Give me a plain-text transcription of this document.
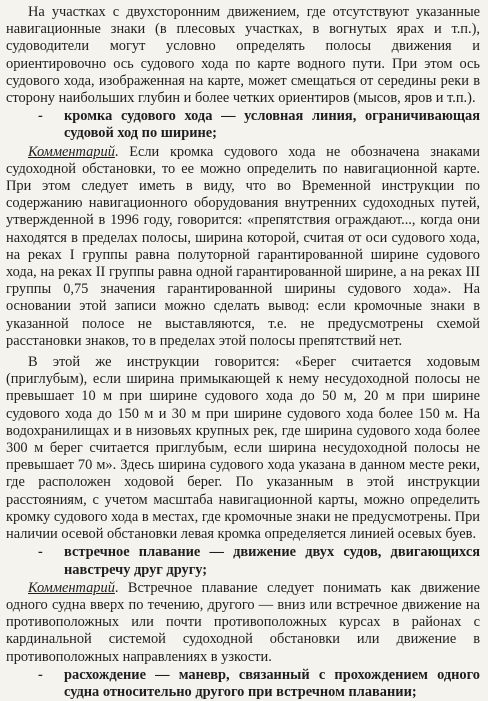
На участках с двухсторонним движением, где отсутствуют указанные навигационные знаки (в плесовых участках, в вогнутых ярах и т.п.), судоводители могут условно определять полосы движения и ориентировочно ось судового хода по карте водного пути. При этом ось судового хода, изображенная на карте, может смещаться от середины реки в сторону наибольших глубин и более четких ориентиров (мысов, яров и т.п.).

- кромка судового хода — условная линия, ограничивающая судовой ход по ширине;

Комментарий. Если кромка судового хода не обозначена знаками судоходной обстановки, то ее можно определить по навигационной карте. При этом следует иметь в виду, что во Временной инструкции по содержанию навигационного оборудования внутренних судоходных путей, утвержденной в 1996 году, говорится: «препятствия ограждают..., когда они находятся в пределах полосы, ширина которой, считая от оси судового хода, на реках I группы равна полуторной гарантированной ширине судового хода, на реках II группы равна одной гарантированной ширине, а на реках III группы 0,75 значения гарантированной ширины судового хода». На основании этой записи можно сделать вывод: если кромочные знаки в указанной полосе не выставляются, т.е. не предусмотрены схемой расстановки знаков, то в пределах этой полосы препятствий нет.

В этой же инструкции говорится: «Берег считается ходовым (приглубым), если ширина примыкающей к нему несудоходной полосы не превышает 10 м при ширине судового хода до 50 м, 20 м при ширине судового хода до 150 м и 30 м при ширине судового хода более 150 м. На водохранилищах и в низовьях крупных рек, где ширина судового хода более 300 м берег считается приглубым, если ширина несудоходной полосы не превышает 70 м». Здесь ширина судового хода указана в данном месте реки, где расположен ходовой берег. По указанным в этой инструкции расстояниям, с учетом масштаба навигационной карты, можно определить кромку судового хода в местах, где кромочные знаки не предусмотрены. При наличии осевой обстановки левая кромка определяется линией осевых буев.

- встречное плавание — движение двух судов, двигающихся навстречу друг другу;

Комментарий. Встречное плавание следует понимать как движение одного судна вверх по течению, другого — вниз или встречное движение на противоположных или почти противоположных курсах в районах с кардинальной системой судоходной обстановки или движение в противоположных направлениях в узкости.

- расхождение — маневр, связанный с прохождением одного судна относительно другого при встречном плавании;
